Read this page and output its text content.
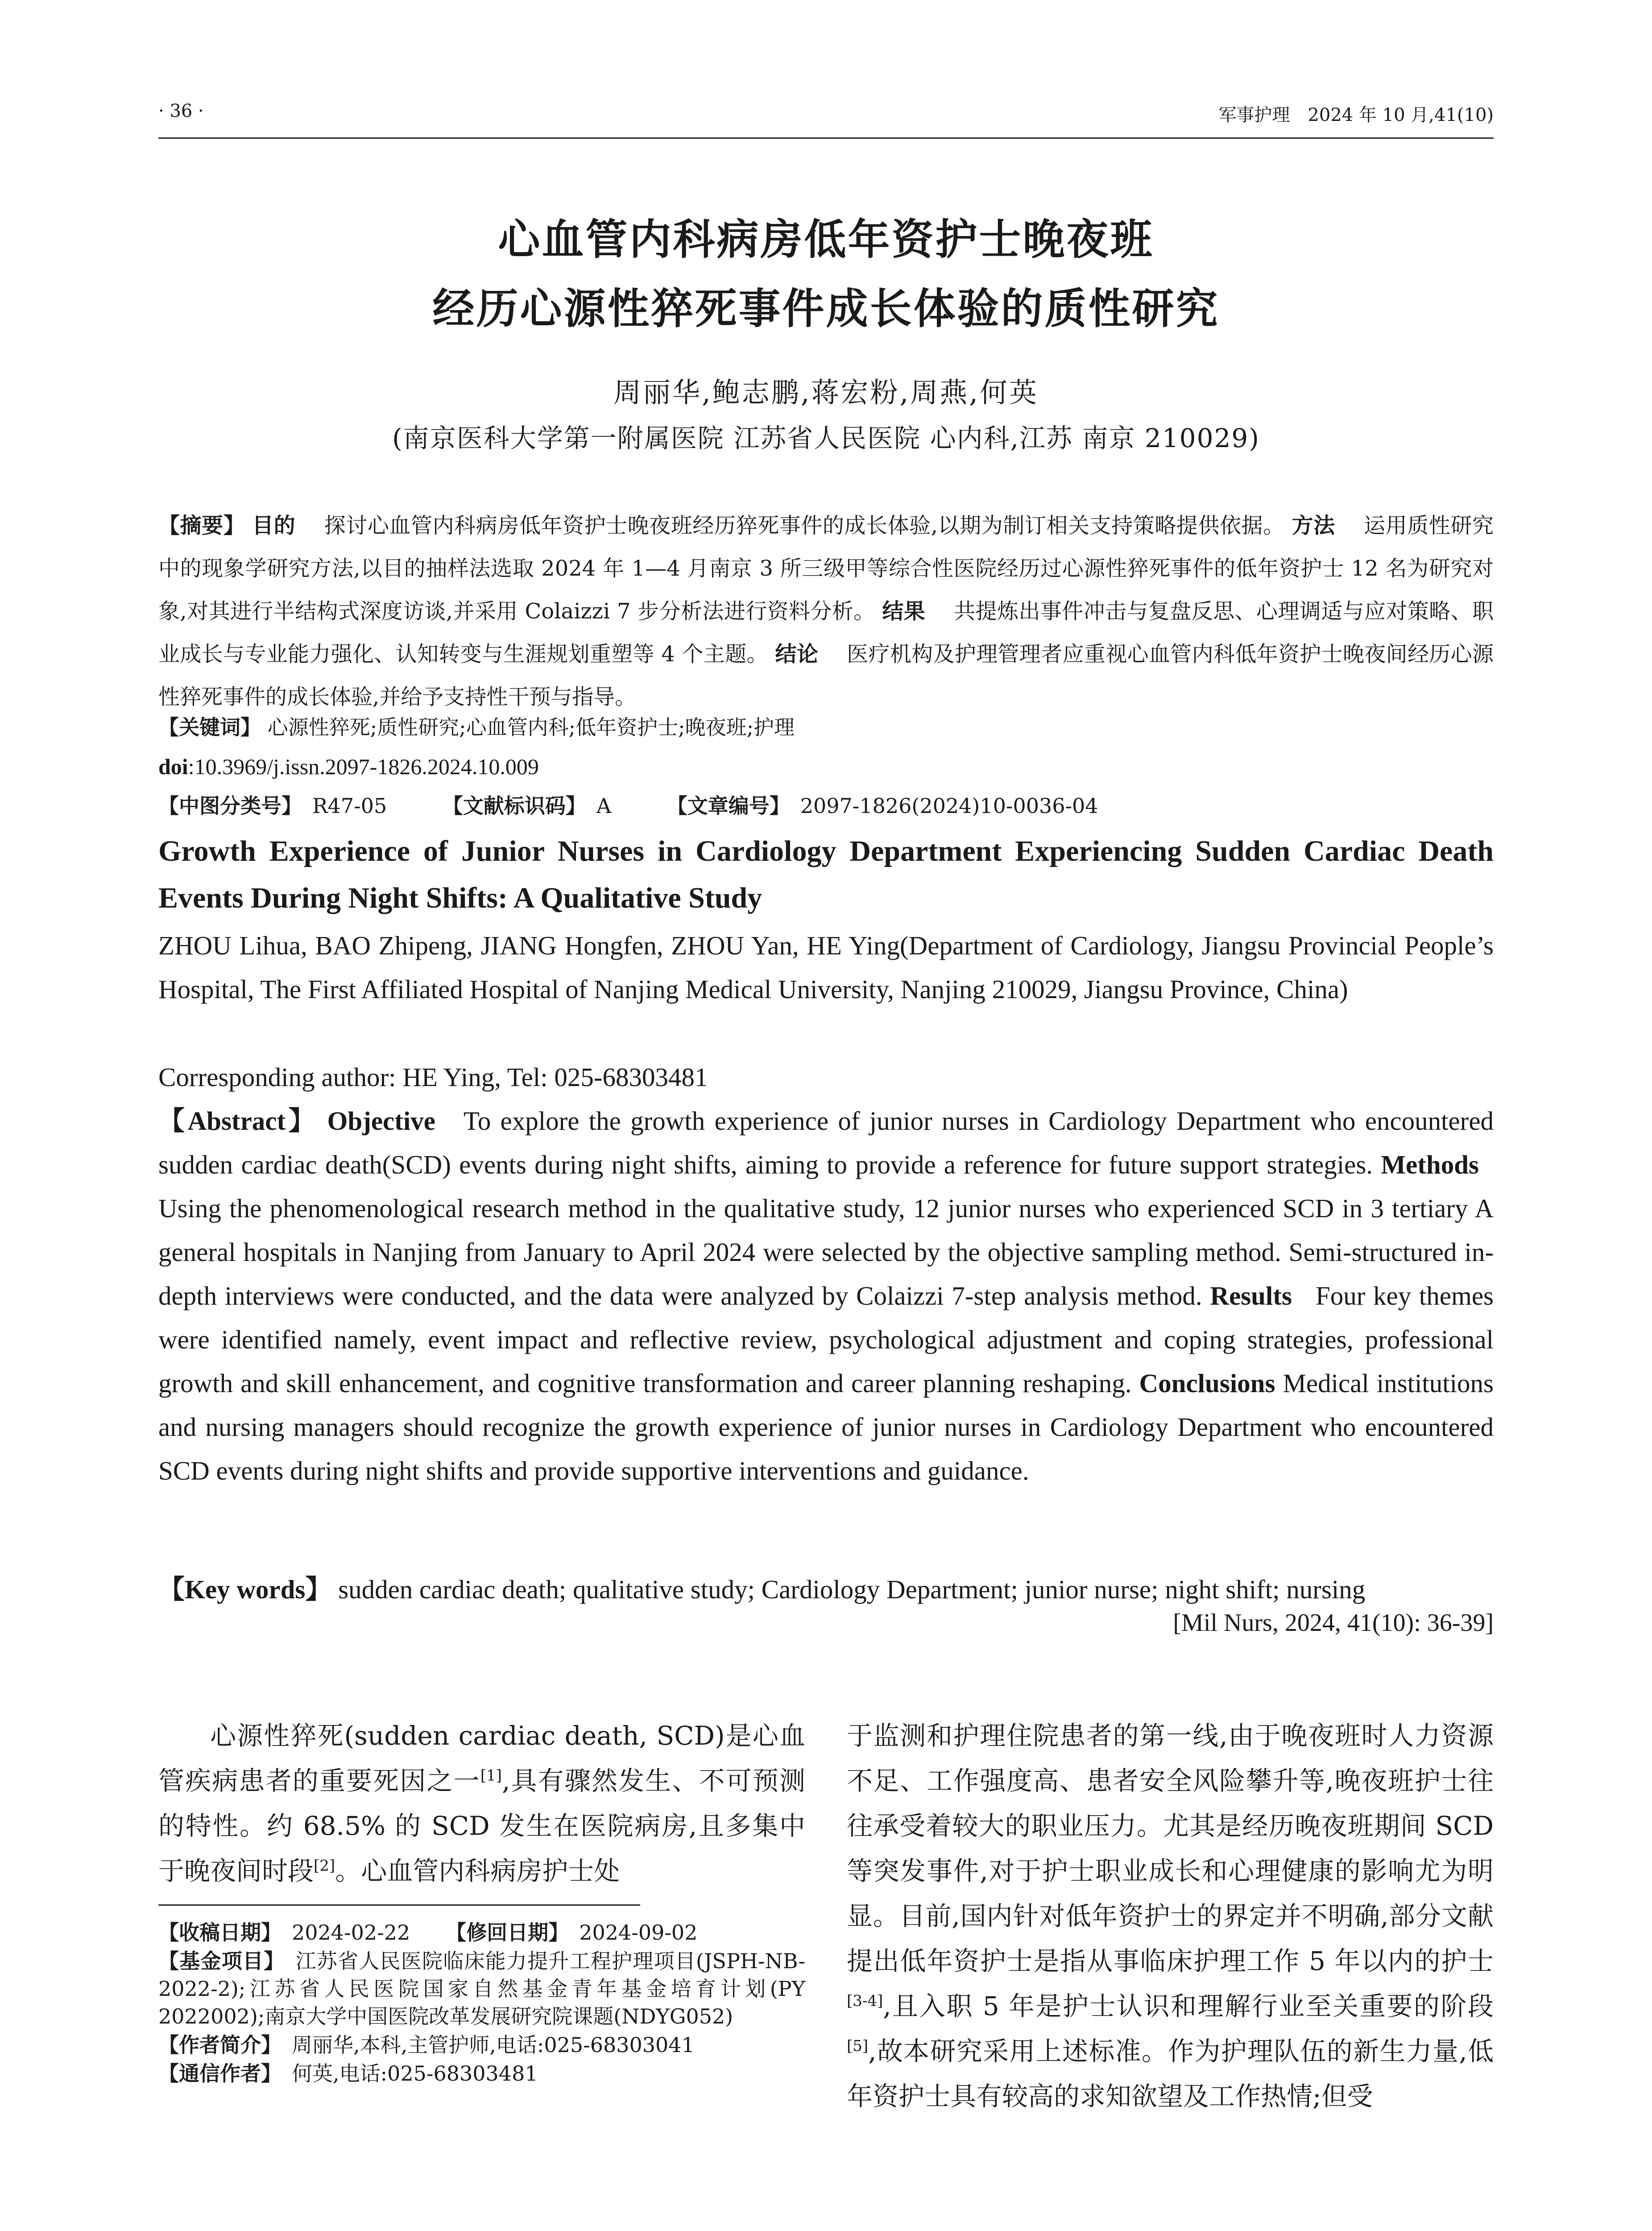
· 36 ·	军事护理　2024 年 10 月,41(10)
心血管内科病房低年资护士晚夜班
经历心源性猝死事件成长体验的质性研究
周丽华,鲍志鹏,蒋宏粉,周燕,何英
(南京医科大学第一附属医院 江苏省人民医院 心内科,江苏 南京 210029)
【摘要】 目的　 探讨心血管内科病房低年资护士晚夜班经历猝死事件的成长体验,以期为制订相关支持策略提供依据。 方法　 运用质性研究中的现象学研究方法,以目的抽样法选取 2024 年 1—4 月南京 3 所三级甲等综合性医院经历过心源性猝死事件的低年资护士 12 名为研究对象,对其进行半结构式深度访谈,并采用 Colaizzi 7 步分析法进行资料分析。 结果　 共提炼出事件冲击与复盘反思、心理调适与应对策略、职业成长与专业能力强化、认知转变与生涯规划重塑等 4 个主题。 结论　 医疗机构及护理管理者应重视心血管内科低年资护士晚夜间经历心源性猝死事件的成长体验,并给予支持性干预与指导。
【关键词】 心源性猝死;质性研究;心血管内科;低年资护士;晚夜班;护理
doi:10.3969/j.issn.2097-1826.2024.10.009
【中图分类号】　 R47-05	【文献标识码】　 A	【文章编号】　 2097-1826(2024)10-0036-04
Growth Experience of Junior Nurses in Cardiology Department Experiencing Sudden Cardiac Death Events During Night Shifts: A Qualitative Study
ZHOU Lihua, BAO Zhipeng, JIANG Hongfen, ZHOU Yan, HE Ying(Department of Cardiology, Jiangsu Provincial People’s Hospital, The First Affiliated Hospital of Nanjing Medical University, Nanjing 210029, Jiangsu Province, China)
Corresponding author: HE Ying, Tel: 025-68303481
【Abstract】 Objective To explore the growth experience of junior nurses in Cardiology Department who encountered sudden cardiac death(SCD) events during night shifts, aiming to provide a reference for future support strategies. Methods   Using the phenomenological research method in the qualitative study, 12 junior nurses who experienced SCD in 3 tertiary A general hospitals in Nanjing from January to April 2024 were selected by the objective sampling method. Semi-structured in-depth interviews were conducted, and the data were analyzed by Colaizzi 7-step analysis method. Results Four key themes were identified namely, event impact and reflective review, psychological adjustment and coping strategies, professional growth and skill enhancement, and cognitive transformation and career planning reshaping. Conclusions Medical institutions and nursing managers should recognize the growth experience of junior nurses in Cardiology Department who encountered SCD events during night shifts and provide supportive interventions and guidance.
【Key words】 sudden cardiac death; qualitative study; Cardiology Department; junior nurse; night shift; nursing
[Mil Nurs, 2024, 41(10): 36-39]

心源性猝死(sudden cardiac death, SCD)是心血管疾病患者的重要死因之一[1],具有骤然发生、不可预测的特性。约 68.5% 的 SCD 发生在医院病房,且多集中于晚夜间时段[2]。心血管内科病房护士处

【收稿日期】　 2024-02-22 【修回日期】　 2024-09-02
【基金项目】　 江苏省人民医院临床能力提升工程护理项目(JSPH-NB-2022-2);江苏省人民医院国家自然基金青年基金培育计划(PY 2022002);南京大学中国医院改革发展研究院课题(NDYG052)
【作者简介】　 周丽华,本科,主管护师,电话:025-68303041
【通信作者】　 何英,电话:025-68303481

于监测和护理住院患者的第一线,由于晚夜班时人力资源不足、工作强度高、患者安全风险攀升等,晚夜班护士往往承受着较大的职业压力。尤其是经历晚夜班期间 SCD 等突发事件,对于护士职业成长和心理健康的影响尤为明显。目前,国内针对低年资护士的界定并不明确,部分文献提出低年资护士是指从事临床护理工作 5 年以内的护士[3-4],且入职 5 年是护士认识和理解行业至关重要的阶段[5],故本研究采用上述标准。作为护理队伍的新生力量,低年资护士具有较高的求知欲望及工作热情;但受
